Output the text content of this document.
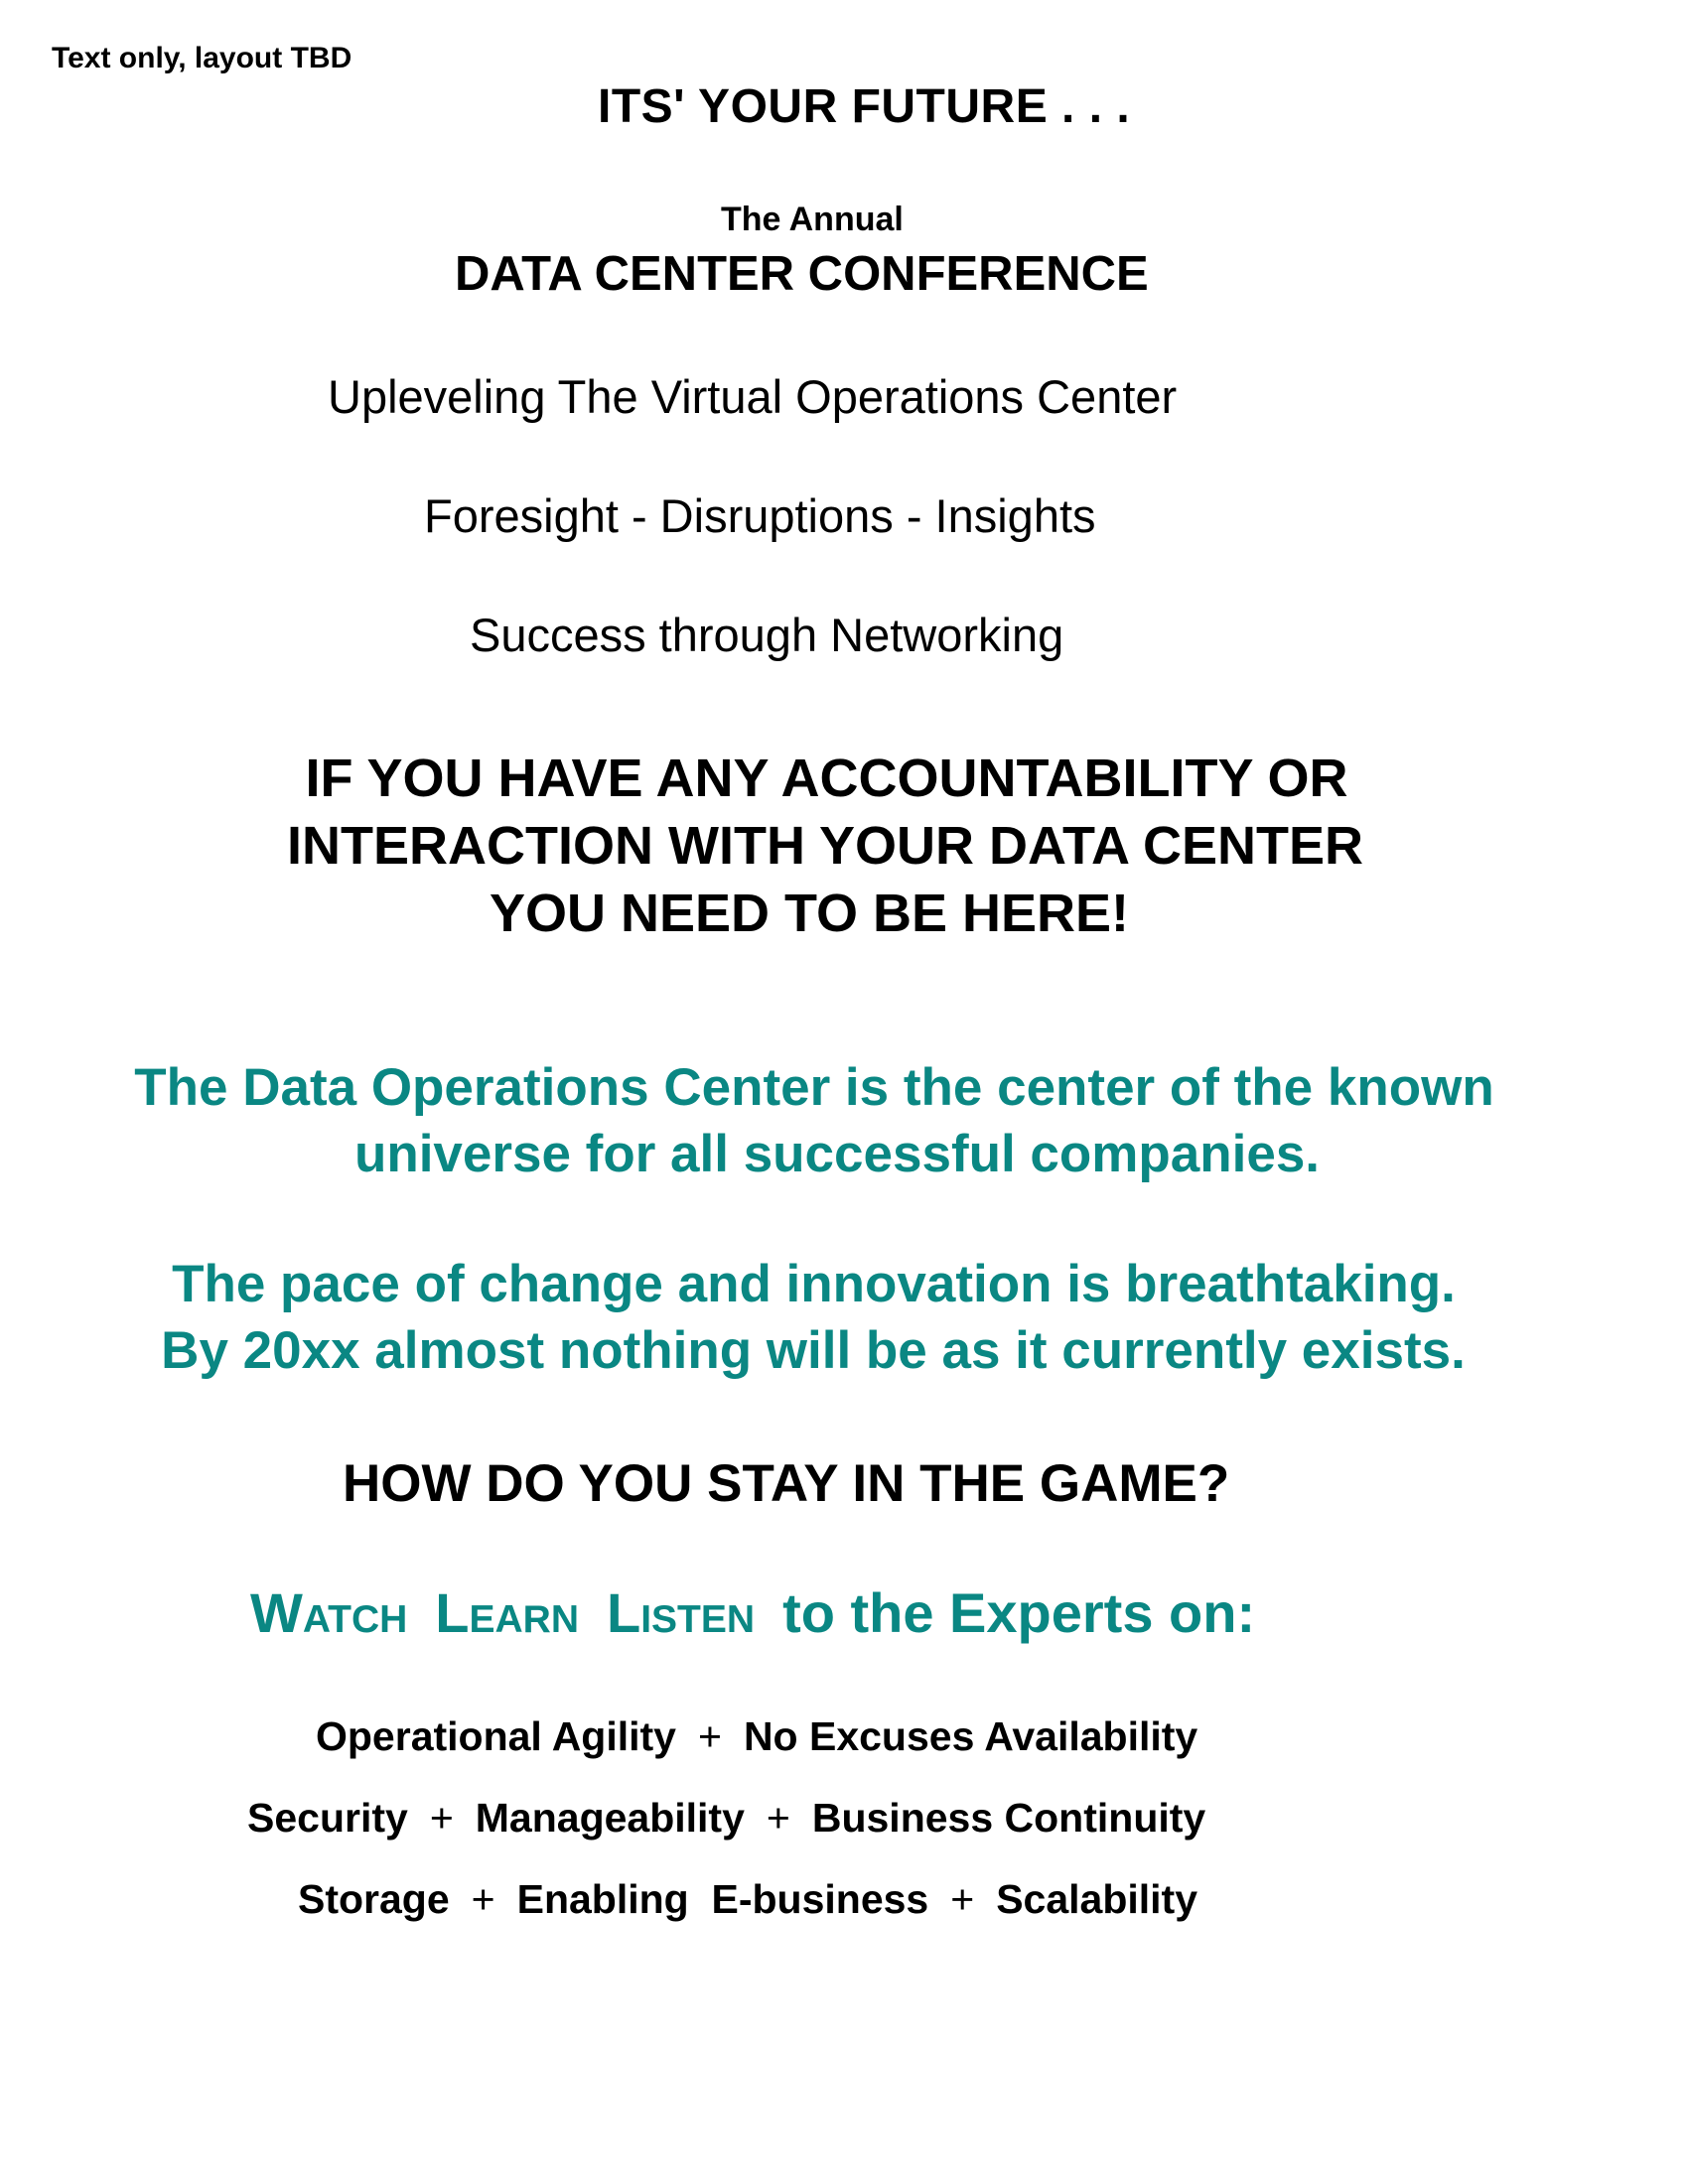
Text only, layout TBD
ITS' YOUR FUTURE . . .
The Annual
DATA CENTER CONFERENCE
Upleveling The Virtual Operations Center
Foresight - Disruptions - Insights
Success through Networking
IF YOU HAVE ANY ACCOUNTABILITY OR
INTERACTION WITH YOUR DATA CENTER
YOU NEED TO BE HERE!
The Data Operations Center is the center of the known
universe for all successful companies.
The pace of change and innovation is breathtaking.
By 20xx almost nothing will be as it currently exists.
HOW DO YOU STAY IN THE GAME?
Watch Learn Listen to the Experts on:
Operational Agility + No Excuses Availability
Security + Manageability + Business Continuity
Storage + Enabling  E-business + Scalability
